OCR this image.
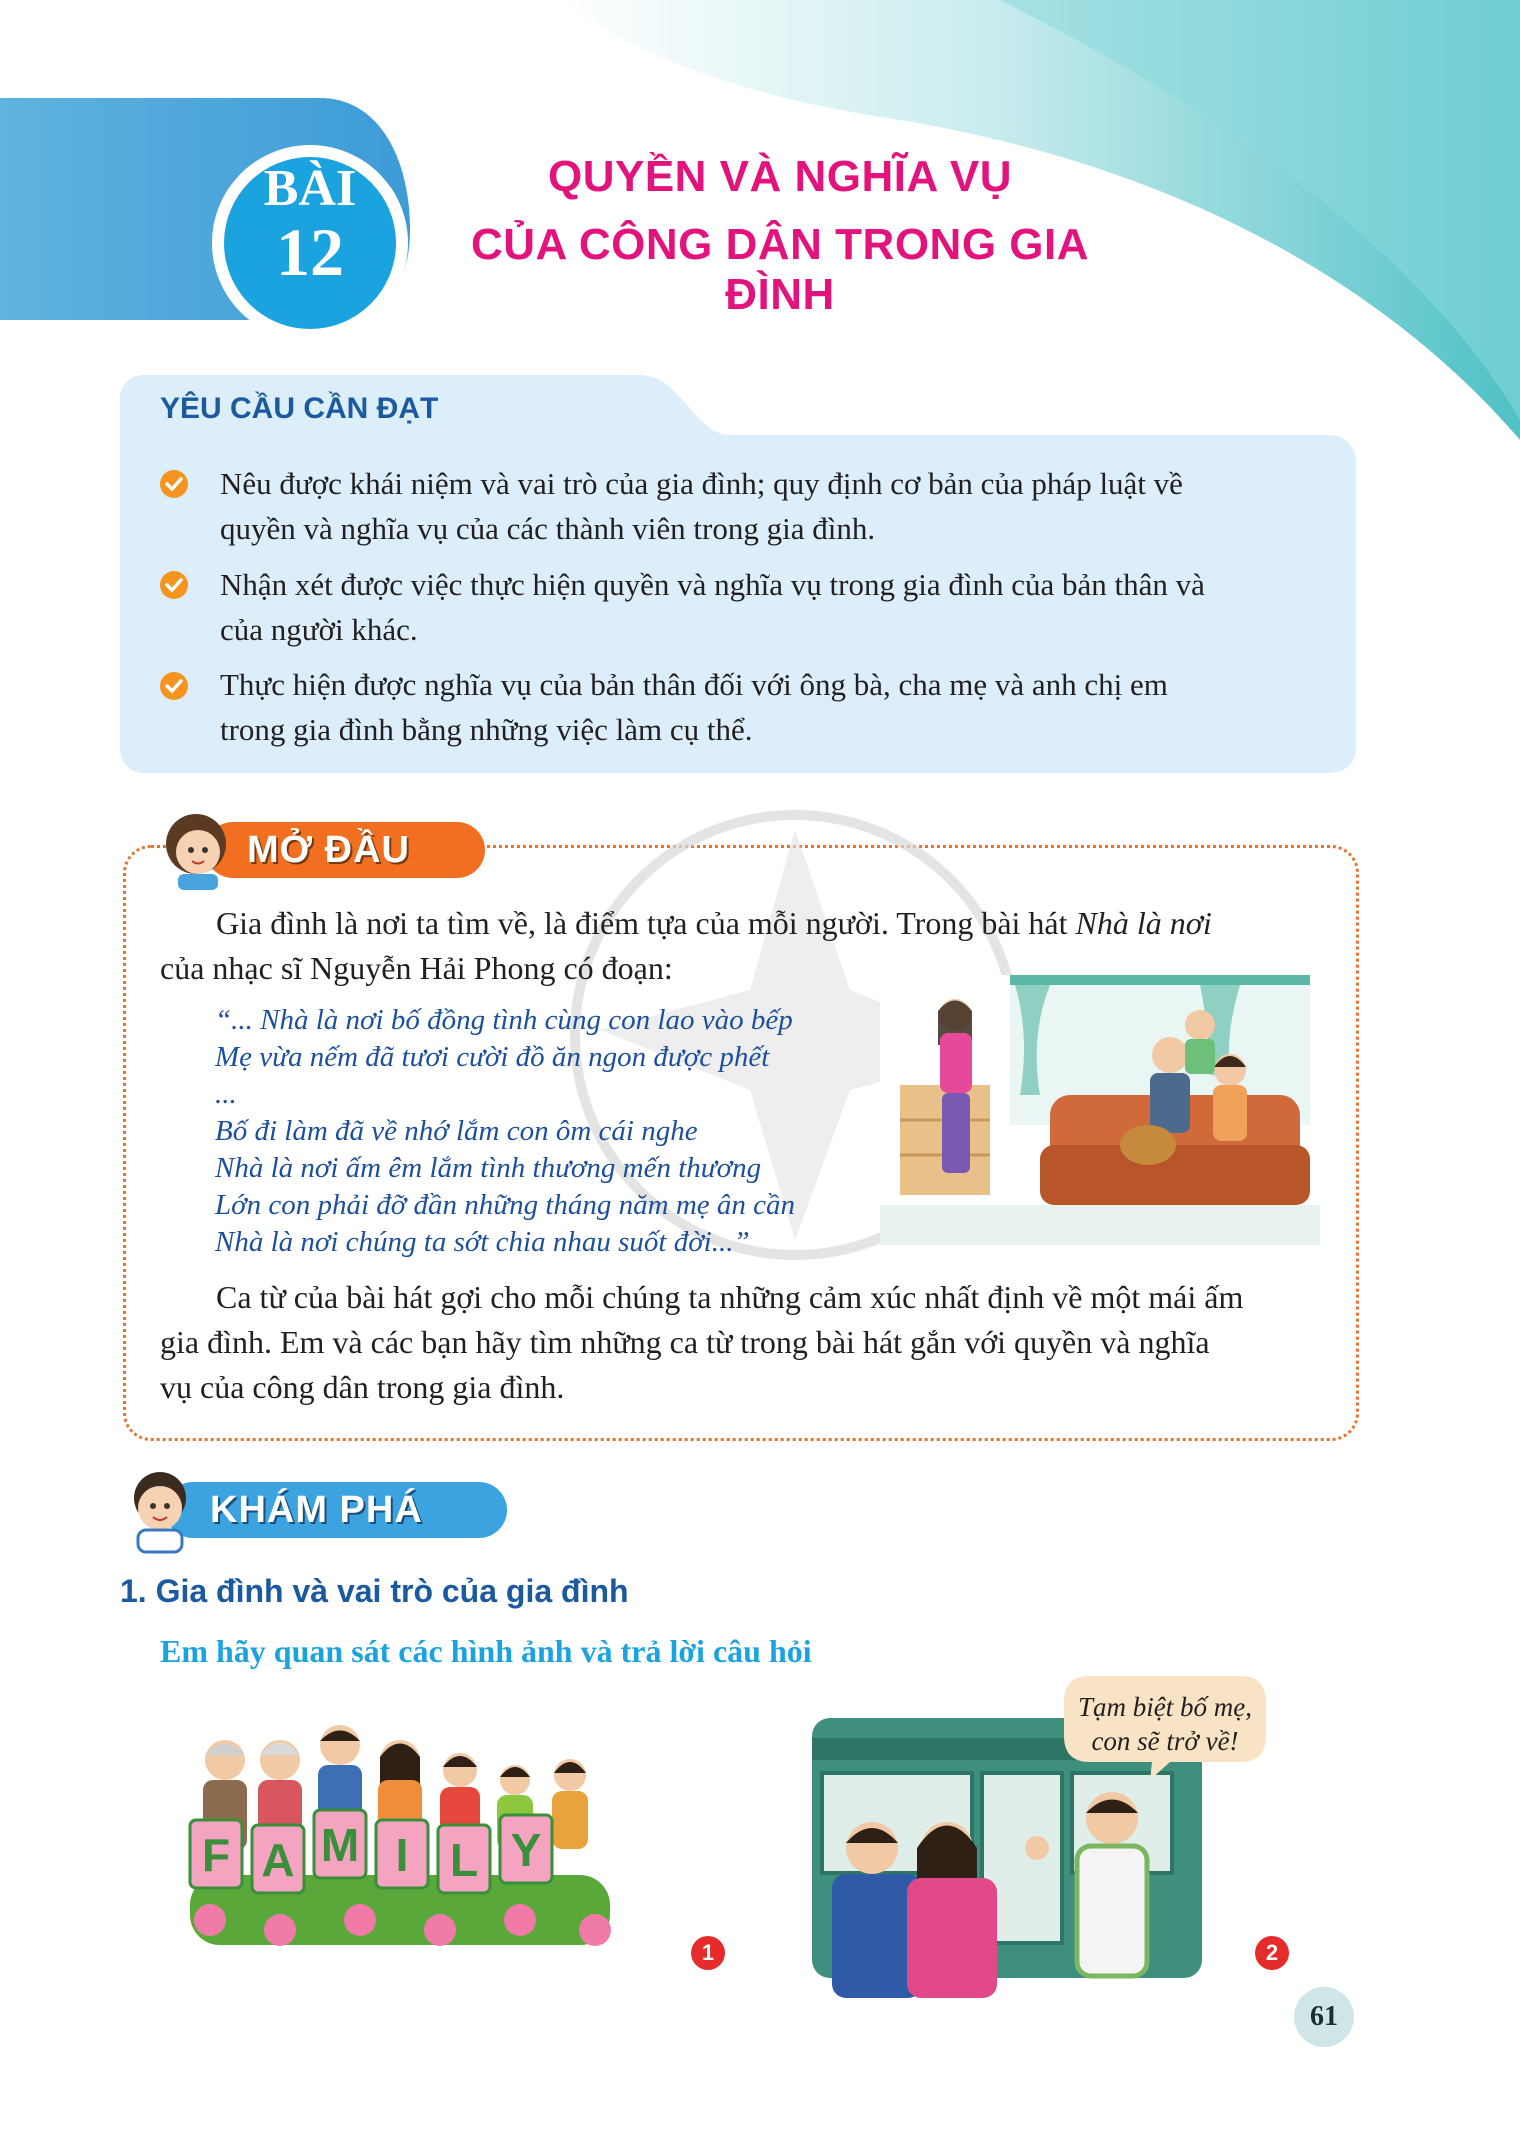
BÀI
12
QUYỀN VÀ NGHĨA VỤ
CỦA CÔNG DÂN TRONG GIA ĐÌNH
YÊU CẦU CẦN ĐẠT
Nêu được khái niệm và vai trò của gia đình; quy định cơ bản của pháp luật về
quyền và nghĩa vụ của các thành viên trong gia đình.
Nhận xét được việc thực hiện quyền và nghĩa vụ trong gia đình của bản thân và
của người khác.
Thực hiện được nghĩa vụ của bản thân đối với ông bà, cha mẹ và anh chị em
trong gia đình bằng những việc làm cụ thể.
MỞ ĐẦU
Gia đình là nơi ta tìm về, là điểm tựa của mỗi người. Trong bài hát Nhà là nơi
của nhạc sĩ Nguyễn Hải Phong có đoạn:
“... Nhà là nơi bố đồng tình cùng con lao vào bếp
Mẹ vừa nếm đã tươi cười đồ ăn ngon được phết
...
Bố đi làm đã về nhớ lắm con ôm cái nghe
Nhà là nơi ấm êm lắm tình thương mến thương
Lớn con phải đỡ đần những tháng năm mẹ ân cần
Nhà là nơi chúng ta sớt chia nhau suốt đời...”
Ca từ của bài hát gợi cho mỗi chúng ta những cảm xúc nhất định về một mái ấm
gia đình. Em và các bạn hãy tìm những ca từ trong bài hát gắn với quyền và nghĩa
vụ của công dân trong gia đình.
KHÁM PHÁ
1. Gia đình và vai trò của gia đình
Em hãy quan sát các hình ảnh và trả lời câu hỏi
F A M I L Y
1
Tạm biệt bố mẹ,
con sẽ trở về!
2
61
